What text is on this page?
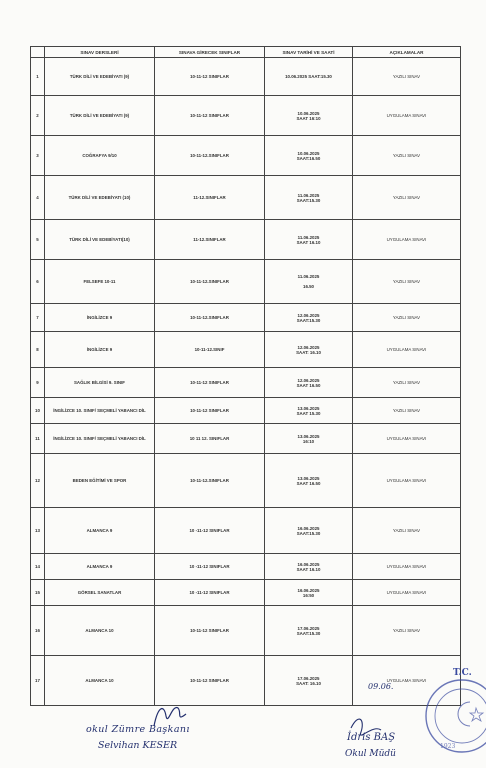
	SINAV DERSLERİ	SINAVA GİRECEK SINIFLAR	SINAV TARİHİ VE SAATİ	AÇIKLAMALAR
1	TÜRK DİLİ VE EDEBİYATI (9)	10-11-12 SINIFLAR	10.06.2025 SAAT:15.30	YAZILI SINAV
2	TÜRK DİLİ VE EDEBİYATI (9)	10-11-12 SINIFLAR	10.06.2025
SAAT 16:10	UYGULAMA SINAVI
3	COĞRAFYA 9/10	10-11-12.SINIFLAR	10.06.2025
SAAT:16.50	YAZILI SINAV
4	TÜRK DİLİ VE EDEBİYATI (10)	11-12.SINIFLAR	11.06.2025
SAAT:15.30	YAZILI SINAV
5	TÜRK DİLİ VE EDEBİYATI(10)	11-12.SINIFLAR	11.06.2025
SAAT 16.10	UYGULAMA SINAVI
6	FELSEFE 10-11	10-11-12.SINIFLAR	11.06.2025

16.50	YAZILI SINAV
7	İNGİLİZCE 9	10-11-12.SINIFLAR	12.06.2025
SAAT:15.30	YAZILI SINAV
8	İNGİLİZCE 9	10-11-12.SINIF	12.06.2025
SAAT: 16.10	UYGULAMA SINAVI
9	SAĞLIK BİLGİSİ 9. SINIF	10-11-12 SINIFLAR	12.06.2025
SAAT 16.50	YAZILI SINAV
10	İNGİLİZCE 10. SINIF/ SEÇMELİ YABANCI DİL	10-11-12 SINIFLAR	13.06.2025
SAAT 15.30	YAZILI SINAV
11	İNGİLİZCE 10. SINIF/ SEÇMELİ YABANCI DİL	10 11 12. SINIFLAR	13.06.2025
16:10	UYGULAMA SINAVI
12	BEDEN EĞİTİMİ VE SPOR	10-11-12.SINIFLAR	13.06.2025
SAAT 16.50	UYGULAMA SINAVI
13	ALMANCA 9	10 -11-12 SINIFLAR	16.06.2025
SAAT:15.30	YAZILI SINAV
14	ALMANCA 9	10 -11-12 SINIFLAR	16.06.2025
SAAT 16.10	UYGULAMA SINAVI
15	GÖRSEL SANATLAR	10 -11-12 SINIFLAR	16.06.2025
16:50	UYGULAMA SINAVI
16	ALMANCA 10	10-11-12 SINIFLAR	17.06.2025
SAAT:15.30	YAZILI SINAV
17	ALMANCA 10	10-11-12 SINIFLAR	17.06.2025
SAAT: 16.10	UYGULAMA SINAVI
09.06.
okul Zümre Başkanı
Selvihan KESER
İdris BAŞ
Okul Müdü
1923
T.C.
